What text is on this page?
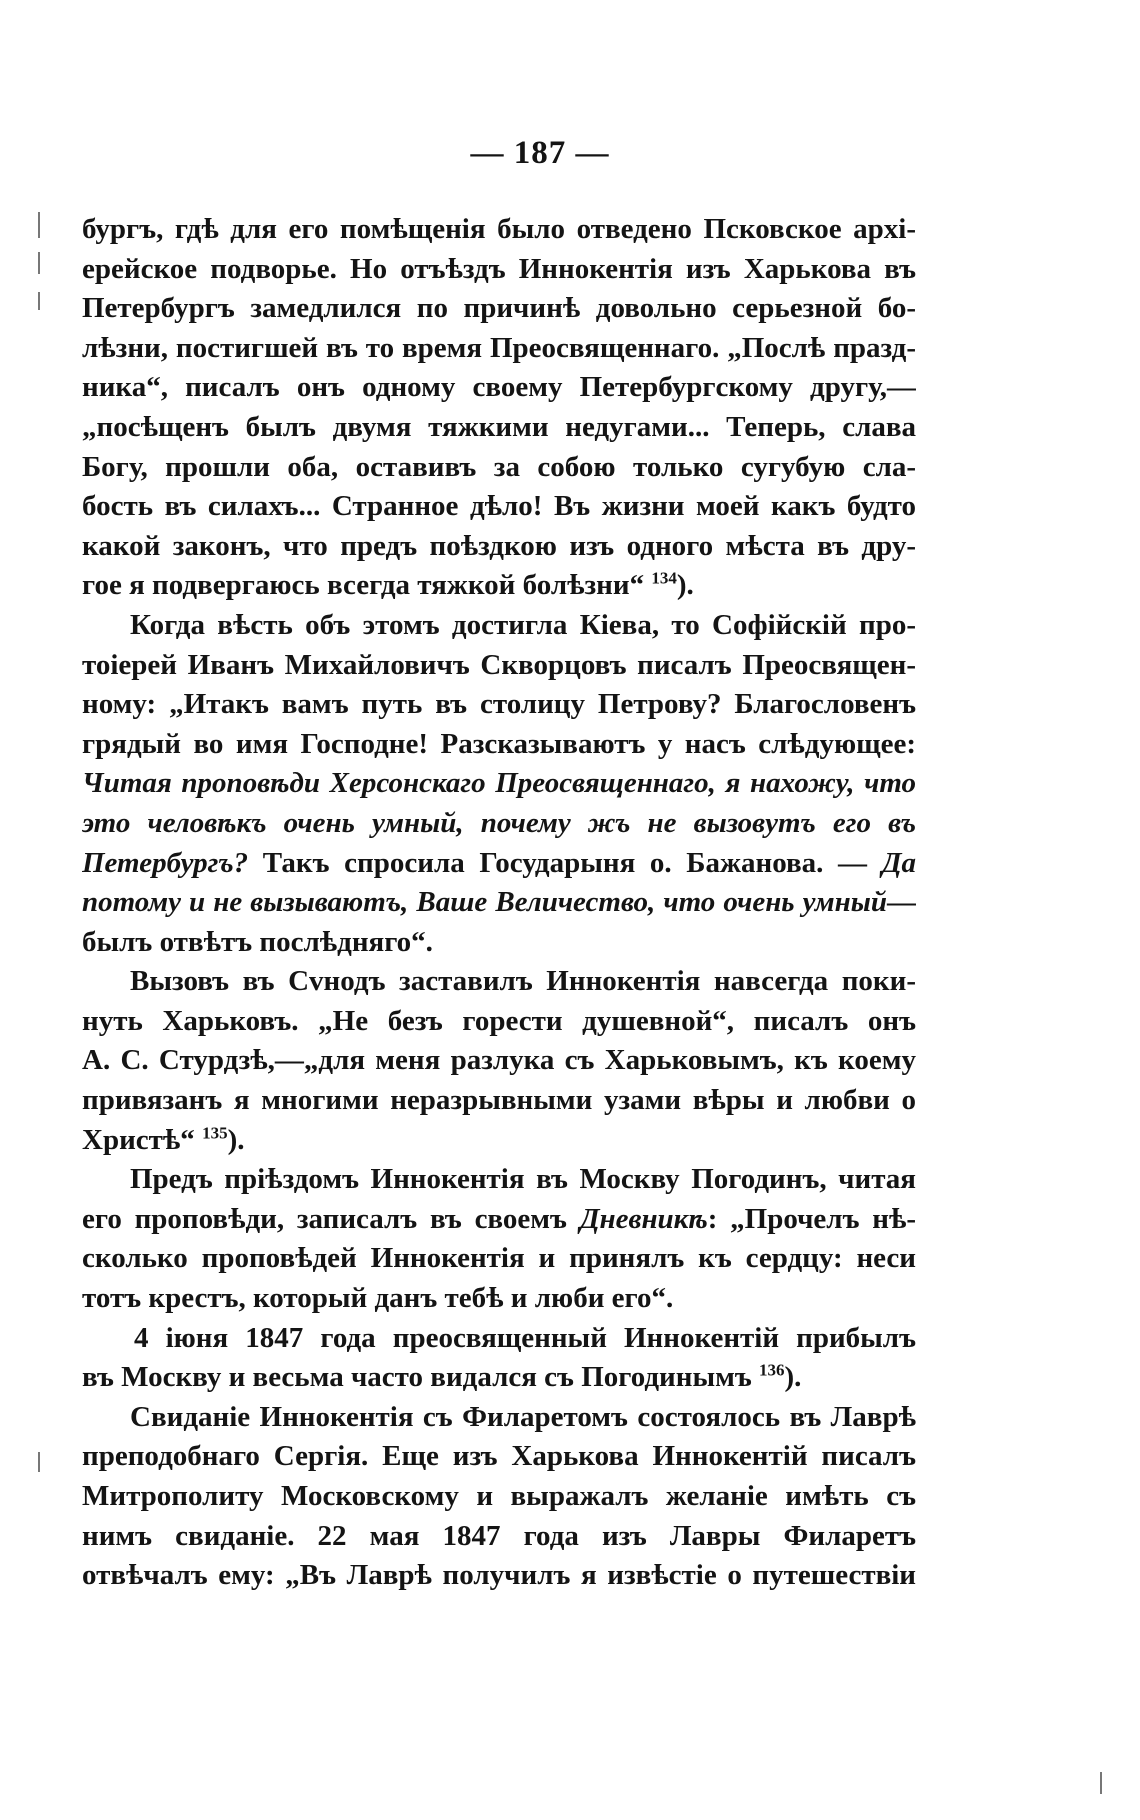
— 187 —
бургъ, гдѣ для его помѣщенія было отведено Псковское архі-
ерейское подворье. Но отъѣздъ Иннокентія изъ Харькова въ
Петербургъ замедлился по причинѣ довольно серьезной бо-
лѣзни, постигшей въ то время Преосвященнаго. „Послѣ празд-
ника“, писалъ онъ одному своему Петербургскому другу,—
„посѣщенъ былъ двумя тяжкими недугами... Теперь, слава
Богу, прошли оба, оставивъ за собою только сугубую сла-
бость въ силахъ... Странное дѣло! Въ жизни моей какъ будто
какой законъ, что предъ поѣздкою изъ одного мѣста въ дру-
гое я подвергаюсь всегда тяжкой болѣзни“ $^{134}$).
Когда вѣсть объ этомъ достигла Кіева, то Софійскій про-
тоіерей Иванъ Михайловичъ Скворцовъ писалъ Преосвящен-
ному: „Итакъ вамъ путь въ столицу Петрову? Благословенъ
грядый во имя Господне! Разсказываютъ у насъ слѣдующее:
Читая проповѣди Херсонскаго Преосвященнаго, я нахожу, что
это человѣкъ очень умный, почему жъ не вызовутъ его въ
Петербургъ? Такъ спросила Государыня о. Бажанова. — Да
потому и не вызываютъ, Ваше Величество, что очень умный—
былъ отвѣтъ послѣдняго“.
Вызовъ въ Сvнодъ заставилъ Иннокентія навсегда поки-
нуть Харьковъ. „Не безъ горести душевной“, писалъ онъ
А. С. Стурдзѣ,—„для меня разлука съ Харьковымъ, къ коему
привязанъ я многими неразрывными узами вѣры и любви о
Христѣ“ $^{135}$).
Предъ пріѣздомъ Иннокентія въ Москву Погодинъ, читая
его проповѣди, записалъ въ своемъ Дневникѣ: „Прочелъ нѣ-
сколько проповѣдей Иннокентія и принялъ къ сердцу: неси
тотъ крестъ, который данъ тебѣ и люби его“.
4 іюня 1847 года преосвященный Иннокентій прибылъ
въ Москву и весьма часто видался съ Погодинымъ $^{136}$).
Свиданіе Иннокентія съ Филаретомъ состоялось въ Лаврѣ
преподобнаго Сергія. Еще изъ Харькова Иннокентій писалъ
Митрополиту Московскому и выражалъ желаніе имѣть съ
нимъ свиданіе. 22 мая 1847 года изъ Лавры Филаретъ
отвѣчалъ ему: „Въ Лаврѣ получилъ я извѣстіе о путешествіи
